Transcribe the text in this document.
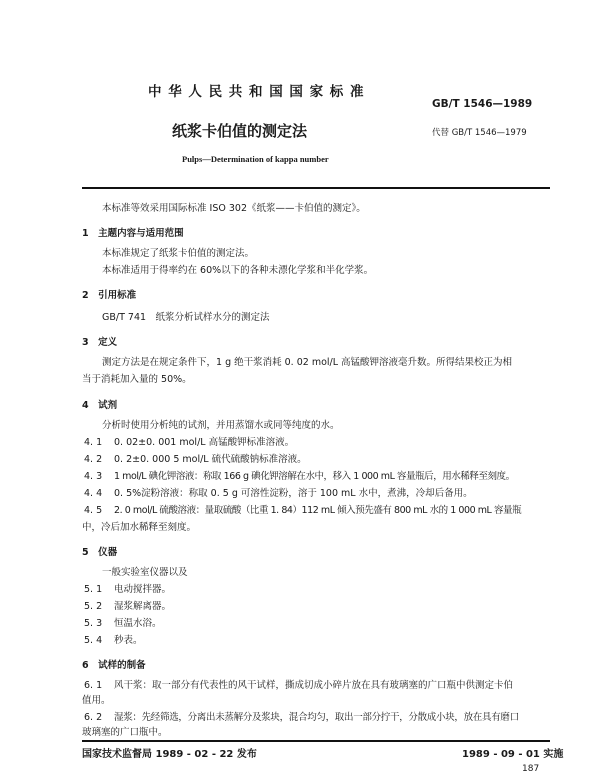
中 华 人 民 共 和 国 国 家 标 准
GB/T 1546—1989
纸浆卡伯值的测定法	代替 GB/T 1546—1979
Pulps—Determination of kappa number
本标准等效采用国际标准 ISO 302《纸浆——卡伯值的测定》。
1　主题内容与适用范围
本标准规定了纸浆卡伯值的测定法。
本标准适用于得率约在 60%以下的各种未漂化学浆和半化学浆。
2　引用标准
GB/T 741　纸浆分析试样水分的测定法
3　定义
测定方法是在规定条件下，1 g 绝干浆消耗 0. 02 mol/L 高锰酸钾溶液毫升数。所得结果校正为相
当于消耗加入量的 50%。
4　试剂
分析时使用分析纯的试剂，并用蒸馏水或同等纯度的水。
4. 1 0. 02±0. 001 mol/L 高锰酸钾标准溶液。
4. 2 0. 2±0. 000 5 mol/L 硫代硫酸钠标准溶液。
4. 3 1 mol/L 碘化钾溶液：称取 166 g 碘化钾溶解在水中，移入 1 000 mL 容量瓶后，用水稀释至刻度。
4. 4 0. 5%淀粉溶液：称取 0. 5 g 可溶性淀粉，溶于 100 mL 水中，煮沸，冷却后备用。
4. 5 2. 0 mol/L 硫酸溶液：量取硫酸（比重 1. 84）112 mL 倾入预先盛有 800 mL 水的 1 000 mL 容量瓶
中，冷后加水稀释至刻度。
5　仪器
一般实验室仪器以及
5. 1 电动搅拌器。
5. 2 湿浆解离器。
5. 3 恒温水浴。
5. 4 秒表。
6　试样的制备
6. 1 风干浆：取一部分有代表性的风干试样，撕成切成小碎片放在具有玻璃塞的广口瓶中供测定卡伯
值用。
6. 2 湿浆：先经筛选，分离出未蒸解分及浆块，混合均匀，取出一部分拧干，分散成小块，放在具有磨口
玻璃塞的广口瓶中。
国家技术监督局 1989 - 02 - 22 发布	1989 - 09 - 01 实施
187
